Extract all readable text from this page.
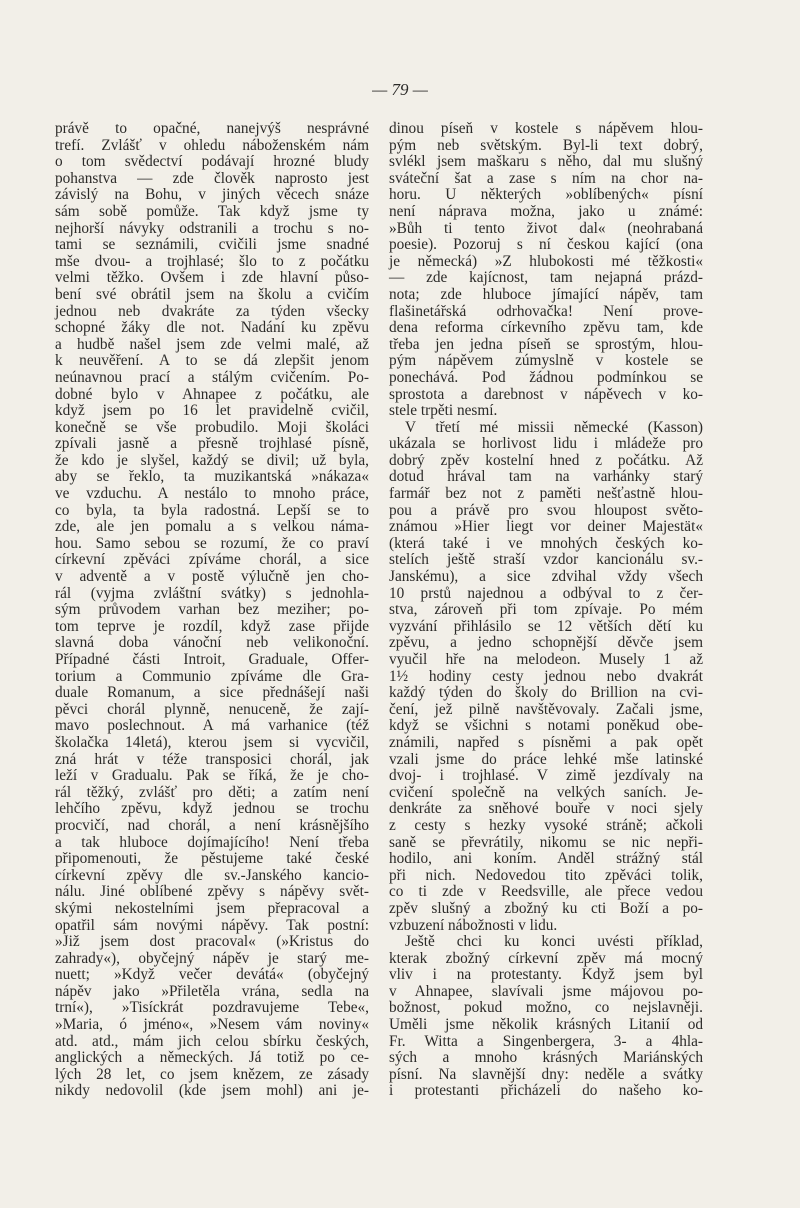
— 79 —
právě to opačné, nanejvýš nesprávné
trefí. Zvlášť v ohledu náboženském nám
o tom svědectví podávají hrozné bludy
pohanstva — zde člověk naprosto jest
závislý na Bohu, v jiných věcech snáze
sám sobě pomůže. Tak když jsme ty
nejhorší návyky odstranili a trochu s no-
tami se seznámili, cvičili jsme snadné
mše dvou- a trojhlasé; šlo to z počátku
velmi těžko. Ovšem i zde hlavní půso-
bení své obrátil jsem na školu a cvičím
jednou neb dvakráte za týden všecky
schopné žáky dle not. Nadání ku zpěvu
a hudbě našel jsem zde velmi malé, až
k neuvěření. A to se dá zlepšit jenom
neúnavnou prací a stálým cvičením. Po-
dobné bylo v Ahnapee z počátku, ale
když jsem po 16 let pravidelně cvičil,
konečně se vše probudilo. Moji školáci
zpívali jasně a přesně trojhlasé písně,
že kdo je slyšel, každý se divil; už byla,
aby se řeklo, ta muzikantská »nákaza«
ve vzduchu. A nestálo to mnoho práce,
co byla, ta byla radostná. Lepší se to
zde, ale jen pomalu a s velkou náma-
hou. Samo sebou se rozumí, že co praví
církevní zpěváci zpíváme chorál, a sice
v adventě a v postě výlučně jen cho-
rál (vyjma zvláštní svátky) s jednohla-
sým průvodem varhan bez meziher; po-
tom teprve je rozdíl, když zase přijde
slavná doba vánoční neb velikonoční.
Případné části Introit, Graduale, Offer-
torium a Communio zpíváme dle Gra-
duale Romanum, a sice přednášejí naši
pěvci chorál plynně, nenuceně, že zají-
mavo poslechnout. A má varhanice (též
školačka 14letá), kterou jsem si vycvičil,
zná hrát v téže transposici chorál, jak
leží v Gradualu. Pak se říká, že je cho-
rál těžký, zvlášť pro děti; a zatím není
lehčího zpěvu, když jednou se trochu
procvičí, nad chorál, a není krásnějšího
a tak hluboce dojímajícího! Není třeba
připomenouti, že pěstujeme také české
církevní zpěvy dle sv.-Janského kancio-
nálu. Jiné oblíbené zpěvy s nápěvy svět-
skými nekostelními jsem přepracoval a
opatřil sám novými nápěvy. Tak postní:
»Již jsem dost pracoval« (»Kristus do
zahrady«), obyčejný nápěv je starý me-
nuett; »Když večer devátá« (obyčejný
nápěv jako »Přiletěla vrána, sedla na
trní«), »Tisíckrát pozdravujeme Tebe«,
»Maria, ó jméno«, »Nesem vám noviny«
atd. atd., mám jich celou sbírku českých,
anglických a německých. Já totiž po ce-
lých 28 let, co jsem knězem, ze zásady
nikdy nedovolil (kde jsem mohl) ani je-
dinou píseň v kostele s nápěvem hlou-
pým neb světským. Byl-li text dobrý,
svlékl jsem maškaru s něho, dal mu slušný
sváteční šat a zase s ním na chor na-
horu. U některých »oblíbených« písní
není náprava možna, jako u známé:
»Bůh ti tento život dal« (neohrabaná
poesie). Pozoruj s ní českou kající (ona
je německá) »Z hlubokosti mé těžkosti«
— zde kajícnost, tam nejapná prázd-
nota; zde hluboce jímající nápěv, tam
flašinetářská odrhovačka! Není prove-
dena reforma církevního zpěvu tam, kde
třeba jen jedna píseň se sprostým, hlou-
pým nápěvem zúmyslně v kostele se
ponechává. Pod žádnou podmínkou se
sprostota a darebnost v nápěvech v ko-
stele trpěti nesmí.
V třetí mé missii německé (Kasson)
ukázala se horlivost lidu i mládeže pro
dobrý zpěv kostelní hned z počátku. Až
dotud hrával tam na varhánky starý
farmář bez not z paměti nešťastně hlou-
pou a právě pro svou hloupost světo-
známou »Hier liegt vor deiner Majestät«
(která také i ve mnohých českých ko-
stelích ještě straší vzdor kancionálu sv.-
Janskému), a sice zdvihal vždy všech
10 prstů najednou a odbýval to z čer-
stva, zároveň při tom zpívaje. Po mém
vyzvání přihlásilo se 12 větších dětí ku
zpěvu, a jedno schopnější děvče jsem
vyučil hře na melodeon. Musely 1 až
1½ hodiny cesty jednou nebo dvakrát
každý týden do školy do Brillion na cvi-
čení, jež pilně navštěvovaly. Začali jsme,
když se všichni s notami poněkud obe-
známili, napřed s písněmi a pak opět
vzali jsme do práce lehké mše latinské
dvoj- i trojhlasé. V zimě jezdívaly na
cvičení společně na velkých saních. Je-
denkráte za sněhové bouře v noci sjely
z cesty s hezky vysoké stráně; ačkoli
saně se převrátily, nikomu se nic nepři-
hodilo, ani koním. Anděl strážný stál
při nich. Nedovedou tito zpěváci tolik,
co ti zde v Reedsville, ale přece vedou
zpěv slušný a zbožný ku cti Boží a po-
vzbuzení nábožnosti v lidu.
Ještě chci ku konci uvésti příklad,
kterak zbožný církevní zpěv má mocný
vliv i na protestanty. Když jsem byl
v Ahnapee, slavívali jsme májovou po-
božnost, pokud možno, co nejslavněji.
Uměli jsme několik krásných Litanií od
Fr. Witta a Singenbergera, 3- a 4hla-
sých a mnoho krásných Mariánských
písní. Na slavnější dny: neděle a svátky
i protestanti přicházeli do našeho ko-
